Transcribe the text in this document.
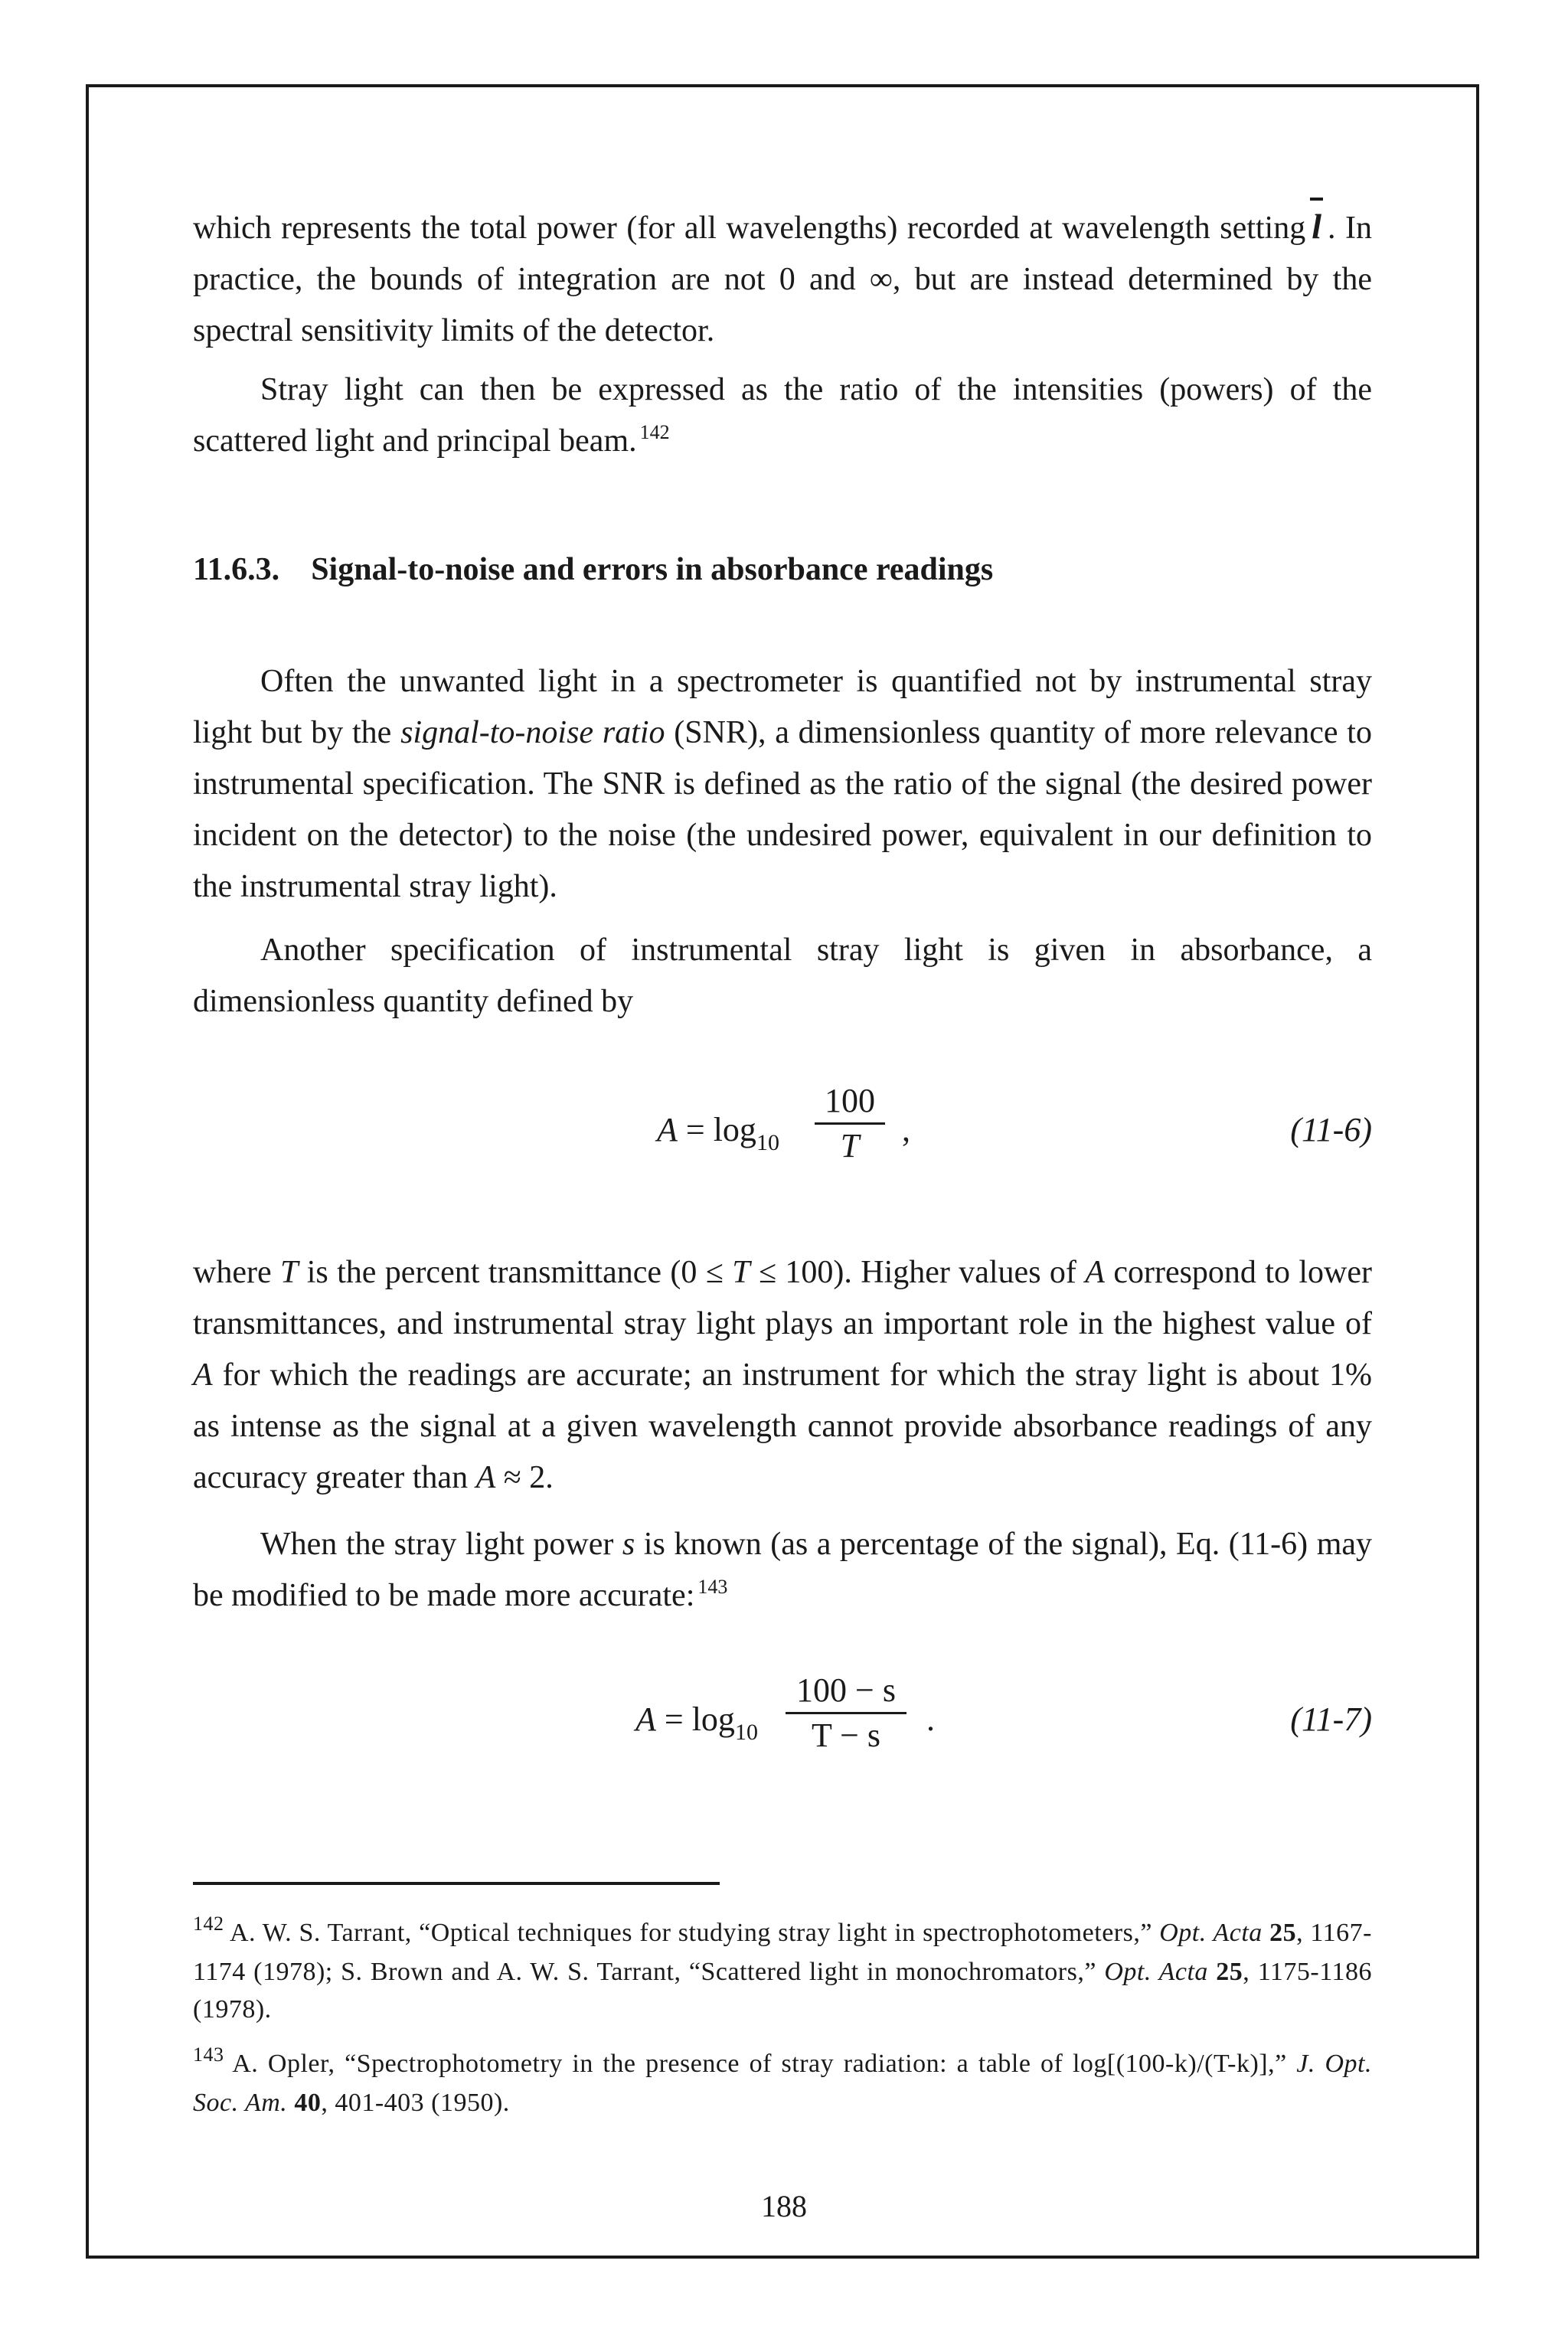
which represents the total power (for all wavelengths) recorded at wavelength setting l . In practice, the bounds of integration are not 0 and ∞, but are instead determined by the spectral sensitivity limits of the detector.

Stray light can then be expressed as the ratio of the intensities (powers) of the scattered light and principal beam. $^{142}$

11.6.3. Signal-to-noise and errors in absorbance readings

Often the unwanted light in a spectrometer is quantified not by instrumental stray light but by the signal-to-noise ratio (SNR), a dimensionless quantity of more relevance to instrumental specification. The SNR is defined as the ratio of the signal (the desired power incident on the detector) to the noise (the undesired power, equivalent in our definition to the instrumental stray light).

Another specification of instrumental stray light is given in absorbance, a dimensionless quantity defined by

$A = \log_{10}$
100
T	,	(11-6)

where T is the percent transmittance (0 ≤ T ≤ 100). Higher values of A correspond to lower transmittances, and instrumental stray light plays an important role in the highest value of A for which the readings are accurate; an instrument for which the stray light is about 1% as intense as the signal at a given wavelength cannot provide absorbance readings of any accuracy greater than A ≈ 2.

When the stray light power s is known (as a percentage of the signal), Eq. (11-6) may be modified to be made more accurate: $^{143}$

$A = \log_{10}$
100 − s
T − s	.	(11-7)

$^{142}$ A. W. S. Tarrant, “Optical techniques for studying stray light in spectrophotometers,” Opt. Acta 25, 1167-1174 (1978); S. Brown and A. W. S. Tarrant, “Scattered light in monochromators,” Opt. Acta 25, 1175-1186 (1978).

$^{143}$ A. Opler, “Spectrophotometry in the presence of stray radiation: a table of log[(100-k)/(T-k)],” J. Opt. Soc. Am. 40, 401-403 (1950).

188
